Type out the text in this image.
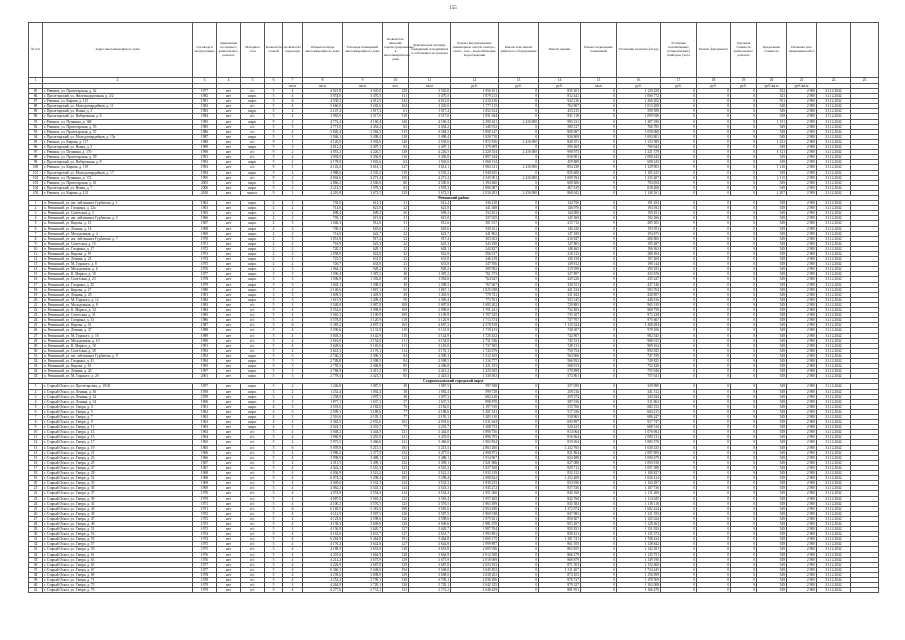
155
№ п/п	Адрес многоквартирного дома	Год ввода в эксплуатацию	Завершение последнего капитального ремонта	Материал стен	Количество этажей	Количество подъездов	Общая площадь многоквартирного дома	Площадь помещений многоквартирного дома	Количество жителей, зарегистрированных в многоквартирном доме	Фактическая площадь помещений, находящихся в собственности граждан	Ремонт внутридомовых инженерных систем электро-, тепло-, газо-, водоснабжения, водоотведения	Ремонт или замена лифтового оборудования	Ремонт крыши	Ремонт подвальных помещений	Утепление и ремонт фасада	Установка коллективных (общедомовых) приборов учета	Ремонт фундамента	Удельная стоимость капитального ремонта	Предельная стоимость	Плановая дата завершения работ		
1	2	3	4	5	6	7	8	9	10	11	12	13	14	15	16	17	18	19	20	21	22	23
						кв.м	кв.м	кв.м	чел.	кв.м	руб.	руб.	руб.	кв.м	руб.	руб.	руб.	руб.	руб./кв.м	руб./кв.м		
85	г. Ревинск, ул. Пролетарская, д. 52	1977	нет	п/с	5	4	4 021,8	3 545,0	120	3 545,0	1 956 451	0	835 201	0	1 120 250	0	0	0	552	2 900	31.12.2042	
86	г. Пролетарский, ул. Железнодорожная, д. 4/2	1982	нет	кирп.	5	4	3 874,0	3 470,5	111	3 470,5	1 879 213	0	812 441	0	1 066 772	0	0	0	541	2 900	31.12.2042	
87	г. Ревинск, ул. Кирова, д. 115	1981	нет	кирп.	5	6	4 530,2	4 012,0	142	4 012,0	2 210 418	0	944 216	0	1 266 202	0	0	0	551	2 900	31.12.2042	
88	г. Пролетарский, ул. Молодогвардейцев, д. 11	1982	нет	п/с	5	4	3 660,0	3 245,6	104	3 245,6	1 777 115	0	763 907	0	1 013 208	0	0	0	548	2 900	31.12.2042	
89	г. Пролетарский, ул. Новая, д. 3	1983	нет	кирп.	5	2	2 147,4	1 917,4	61	1 917,4	1 052 614	0	453 215	0	599 399	0	0	0	549	2 900	31.12.2042	
90	г. Пролетарский, ул. Набережная, д. 6	1984	нет	п/с	5	4	3 965,0	3 517,0	118	3 517,0	1 931 044	0	831 118	0	1 099 926	0	0	0	549	2 900	31.12.2042	
91	г. Ревинск, ул. Пушкина, д. 168	1985	нет	кирп.	9	2	4 774,4	4 160,4	146	4 160,4	2 290 421	2 416 000	983 231	0	1 307 190	0	0	0	1 131	2 900	31.12.2042	
92	г. Ревинск, ул. Пролетарская, д. 55	1985	нет	п/с	5	3	2 771,0	2 454,2	82	2 454,2	1 346 912	0	580 127	0	766 785	0	0	0	549	2 900	31.12.2042	
93	г. Ревинск, ул. Пролетарская, д. 57	1986	нет	п/с	5	4	3 820,4	3 384,5	115	3 384,5	1 858 147	0	800 087	0	1 058 060	0	0	0	549	2 900	31.12.2042	
94	г. Пролетарский, ул. Молодогвардейцев, д. 15а	1987	нет	кирп.	5	4	3 946,1	3 498,4	118	3 498,4	1 920 710	0	826 909	0	1 093 801	0	0	0	549	2 900	31.12.2042	
95	г. Ревинск, ул. Кирова, д. 117	1988	нет	п/с	9	1	4 120,0	3 593,6	126	3 593,6	1 972 936	2 416 000	849 351	0	1 123 585	0	0	0	1 221	2 900	31.12.2042	
96	г. Пролетарский, ул. Новая, д. 5	1989	нет	кирп.	5	3	2 812,4	2 497,1	84	2 497,1	1 370 909	0	590 265	0	780 644	0	0	0	549	2 900	31.12.2042	
97	г. Ревинск, ул. Пушкина, д. 170	1990	нет	п/с	9	2	4 851,2	4 226,5	148	4 226,5	2 320 354	2 416 000	998 975	0	1 321 379	0	0	0	1 121	2 900	31.12.2042	
98	г. Ревинск, ул. Пролетарская, д. 59	1991	нет	п/с	5	4	3 902,0	3 456,0	116	3 456,0	1 897 344	0	816 901	0	1 080 443	0	0	0	549	2 900	31.12.2042	
99	г. Пролетарский, ул. Набережная, д. 8	1992	нет	кирп.	5	2	2 178,8	1 945,6	62	1 945,6	1 068 134	0	459 889	0	608 245	0	0	0	549	2 900	31.12.2042	
100	г. Ревинск, ул. Кирова, д. 119	1993	нет	п/с	9	1	4 143,4	3 614,1	127	3 614,1	1 984 141	2 416 000	854 238	0	1 129 903	0	0	0	1 218	2 900	31.12.2042	
101	г. Пролетарский, ул. Молодогвардейцев, д. 17	1994	нет	кирп.	5	4	3 988,6	3 535,2	119	3 535,2	1 940 825	0	835 600	0	1 105 225	0	0	0	549	2 900	31.12.2042	
102	г. Ревинск, ул. Пушкина, д. 172	1995	нет	п/с	9	2	4 902,6	4 271,4	150	4 271,4	2 345 001	2 416 000	1 009 594	0	1 335 407	0	0	0	1 115	2 900	31.12.2042	
103	г. Ревинск, ул. Пролетарская, д. 61	2003	нет	кирп.	5	3	2 860,2	2 540,0	86	2 540,0	1 394 460	0	600 406	0	794 054	0	0	0	549	2 900	31.12.2042	
104	г. Пролетарский, ул. Новая, д. 7	2006	нет	кирп.	5	2	2 214,5	1 978,3	63	1 978,3	1 086 087	0	467 619	0	618 468	0	0	0	549	2 900	31.12.2042	
105	г. Ревинск, ул. Кирова, д. 121	2010	нет	монол.	9	1	4 210,8	3 672,5	129	3 672,5	2 016 203	2 416 000	868 042	0	1 148 161	0	0	0	1 207	2 900	31.12.2042	
Ревинский район																						
1	п. Ревинский, ул. им. лейтенанта Гурбатова, д. 1	1962	нет	кирп.	2	2	702,0	612,4	21	612,4	336 210	0	144 756	0	191 454	0	0	0	549	2 900	31.12.2042	
2	п. Ревинский, ул. Гагарина, д. 12а	1963	нет	кирп.	2	2	712,6	621,8	22	621,8	341 368	0	146 976	0	194 392	0	0	0	549	2 900	31.12.2042	
3	п. Ревинский, ул. Советская, д. 3	1965	нет	кирп.	2	2	698,4	609,2	20	609,2	334 451	0	144 000	0	190 451	0	0	0	549	2 900	31.12.2042	
4	п. Ревинский, ул. им. лейтенанта Гурбатова, д. 5	1966	нет	кирп.	2	2	705,1	615,0	21	615,0	337 635	0	145 369	0	192 266	0	0	0	549	2 900	31.12.2042	
5	п. Ревинский, ул. Кирова, д. 13	1967	нет	кирп.	2	3	1 046,3	912,6	31	912,6	501 017	0	215 712	0	285 305	0	0	0	549	2 900	31.12.2042	
6	п. Ревинский, ул. Ленина, д. 14	1968	нет	кирп.	2	2	709,3	618,6	21	618,6	339 611	0	146 220	0	193 391	0	0	0	549	2 900	31.12.2042	
7	п. Ревинский, ул. Молодежная, д. 4	1969	нет	кирп.	2	2	714,0	622,7	22	622,7	341 862	0	147 189	0	194 673	0	0	0	549	2 900	31.12.2042	
8	п. Ревинский, ул. им. лейтенанта Гурбатова, д. 7	1970	нет	кирп.	2	3	1 051,8	917,4	32	917,4	503 653	0	216 847	0	286 806	0	0	0	549	2 900	31.12.2042	
9	п. Ревинский, ул. Советская, д. 15	1971	нет	кирп.	2	2	716,9	625,3	22	625,3	343 290	0	147 803	0	195 487	0	0	0	549	2 900	31.12.2042	
10	п. Ревинский, ул. Гагарина, д. 17	1972	нет	кирп.	2	2	720,2	628,1	22	628,1	344 827	0	148 465	0	196 362	0	0	0	549	2 900	31.12.2042	
11	п. Ревинский, ул. Кирова, д. 19	1973	нет	кирп.	2	3	1 058,0	922,8	32	922,8	506 617	0	218 123	0	288 494	0	0	0	549	2 900	31.12.2042	
12	п. Ревинский, ул. Ленина, д. 21	1974	нет	кирп.	2	2	723,5	631,0	22	631,0	346 419	0	149 150	0	197 269	0	0	0	549	2 900	31.12.2042	
13	п. Ревинский, ул. М. Горького, д. 8	1975	нет	кирп.	2	2	726,7	633,8	23	633,8	347 956	0	149 812	0	198 144	0	0	0	549	2 900	31.12.2042	
14	п. Ревинский, ул. Молодежная, д. 6	1976	нет	кирп.	2	3	1 064,2	928,2	33	928,2	509 582	0	219 399	0	290 183	0	0	0	549	2 900	31.12.2042	
15	п. Ревинский, ул. К. Маркса, д. 10	1977	нет	кирп.	3	3	1 590,4	1 387,2	48	1 387,2	761 573	0	327 897	0	433 676	0	0	0	549	2 900	31.12.2042	
16	п. Ревинский, ул. Советская, д. 23	1978	нет	кирп.	3	3	1 596,8	1 392,8	49	1 392,8	764 647	0	329 220	0	435 427	0	0	0	549	2 900	31.12.2042	
17	п. Ревинский, ул. Гагарина, д. 25	1979	нет	кирп.	3	3	1 603,1	1 398,3	49	1 398,3	767 667	0	330 521	0	437 146	0	0	0	549	2 900	31.12.2042	
18	п. Ревинский, ул. Кирова, д. 27	1980	нет	кирп.	3	4	2 140,6	1 867,1	65	1 867,1	1 025 038	0	441 334	0	583 704	0	0	0	549	2 900	31.12.2042	
19	п. Ревинский, ул. Ленина, д. 29	1981	нет	кирп.	3	3	1 609,5	1 403,9	49	1 403,9	770 741	0	331 844	0	438 897	0	0	0	549	2 900	31.12.2042	
20	п. Ревинский, ул. М. Горького, д. 12	1982	нет	кирп.	3	3	1 615,9	1 409,4	50	1 409,4	773 761	0	333 145	0	440 616	0	0	0	549	2 900	31.12.2042	
21	п. Ревинский, ул. Молодежная, д. 8	1983	нет	п/с	5	4	3 540,0	3 087,8	108	3 087,8	1 695 202	0	729 883	0	965 319	0	0	0	549	2 900	31.12.2042	
22	п. Ревинский, ул. К. Маркса, д. 14	1984	нет	п/с	5	4	3 552,6	3 098,8	109	3 098,8	1 701 241	0	732 483	0	968 758	0	0	0	549	2 900	31.12.2042	
23	п. Ревинский, ул. Советская, д. 31	1985	нет	п/с	5	4	3 565,3	3 109,9	109	3 109,9	1 707 335	0	735 107	0	972 228	0	0	0	549	2 900	31.12.2042	
24	п. Ревинский, ул. Гагарина, д. 33	1986	нет	п/с	5	4	3 578,0	3 120,9	110	3 120,9	1 713 374	0	737 707	0	975 667	0	0	0	549	2 900	31.12.2042	
25	п. Ревинский, ул. Кирова, д. 35	1987	нет	п/с	5	6	5 385,2	4 697,3	165	4 697,3	2 578 818	0	1 110 324	0	1 468 494	0	0	0	549	2 900	31.12.2042	
26	п. Ревинский, ул. Ленина, д. 37	1988	нет	п/с	5	4	3 590,6	3 131,9	110	3 131,9	1 719 413	0	740 307	0	979 106	0	0	0	549	2 900	31.12.2042	
27	п. Ревинский, ул. М. Горького, д. 16	1989	нет	п/с	5	4	3 603,3	3 142,9	110	3 142,9	1 725 452	0	742 907	0	982 545	0	0	0	549	2 900	31.12.2042	
28	п. Ревинский, ул. Молодежная, д. 10	1990	нет	п/с	5	4	3 616,0	3 154,0	111	3 154,0	1 731 546	0	745 531	0	986 015	0	0	0	549	2 900	31.12.2042	
29	п. Ревинский, ул. К. Маркса, д. 18	1991	нет	п/с	5	4	3 628,6	3 165,0	111	3 165,0	1 737 585	0	748 131	0	989 454	0	0	0	549	2 900	31.12.2042	
30	п. Ревинский, ул. Советская, д. 39	1992	нет	п/с	5	4	3 641,3	3 176,1	112	3 176,1	1 743 679	0	750 754	0	992 925	0	0	0	549	2 900	31.12.2042	
31	п. Ревинский, ул. им. лейтенанта Гурбатова, д. 9	1993	нет	кирп.	5	3	2 740,2	2 390,1	84	2 390,1	1 312 165	0	564 966	0	747 199	0	0	0	549	2 900	31.12.2042	
32	п. Ревинский, ул. Гагарина, д. 41	1994	нет	кирп.	5	3	2 749,8	2 398,5	84	2 398,5	1 316 777	0	566 952	0	749 825	0	0	0	549	2 900	31.12.2042	
33	п. Ревинский, ул. Кирова, д. 43	1995	нет	кирп.	5	3	2 759,3	2 406,8	85	2 406,8	1 321 333	0	568 913	0	752 420	0	0	0	549	2 900	31.12.2042	
34	п. Ревинский, ул. Ленина, д. 45	1997	нет	кирп.	5	3	2 768,9	2 415,2	85	2 415,2	1 325 945	0	570 899	0	755 046	0	0	0	549	2 900	31.12.2042	
35	п. Ревинский, ул. М. Горького, д. 20	2001	нет	кирп.	5	3	2 778,4	2 423,5	85	2 423,5	1 330 502	0	572 861	0	757 641	0	0	0	549	2 900	31.12.2042	
Старооскольский городской округ																						
1	г. Старый Оскол, ул. Пролетарская, д. 19/45	1957	нет	кирп.	3	2	1 246,8	1 087,5	38	1 087,5	597 038	0	257 058	0	339 980	0	0	0	549	2 900	31.12.2042	
2	г. Старый Оскол, ул. Ленина, д. 30	1958	нет	кирп.	3	2	1 252,4	1 092,4	38	1 092,4	599 728	0	258 216	0	341 512	0	0	0	549	2 900	31.12.2042	
3	г. Старый Оскол, ул. Ленина, д. 32	1959	нет	кирп.	3	2	1 258,0	1 097,3	38	1 097,3	602 418	0	259 374	0	343 044	0	0	0	549	2 900	31.12.2042	
4	г. Старый Оскол, ул. Ленина, д. 34	1960	нет	кирп.	3	3	1 877,1	1 637,3	57	1 637,3	898 878	0	387 016	0	511 862	0	0	0	549	2 900	31.12.2042	
5	г. Старый Оскол, ул. Гаюра, д. 3	1961	нет	кирп.	4	3	2 501,6	2 182,0	76	2 182,0	1 197 918	0	515 766	0	682 152	0	0	0	549	2 900	31.12.2042	
6	г. Старый Оскол, ул. Гаюра, д. 5	1962	нет	кирп.	4	3	2 509,1	2 188,6	77	2 188,6	1 201 541	0	517 326	0	684 215	0	0	0	549	2 900	31.12.2042	
7	г. Старый Оскол, ул. Гаюра, д. 7	1962	нет	кирп.	4	3	2 516,6	2 195,1	77	2 195,1	1 205 110	0	518 863	0	686 247	0	0	0	549	2 900	31.12.2042	
8	г. Старый Оскол, ул. Гаюра, д. 9	1963	нет	кирп.	4	4	3 365,5	2 935,6	103	2 935,6	1 611 644	0	693 897	0	917 747	0	0	0	549	2 900	31.12.2042	
9	г. Старый Оскол, ул. Гаюра, д. 11	1963	нет	кирп.	4	3	2 524,1	2 201,7	77	2 201,7	1 208 733	0	520 423	0	688 310	0	0	0	549	2 900	31.12.2042	
10	г. Старый Оскол, ул. Гаюра, д. 13	1964	нет	п/с	5	4	3 948,2	3 444,0	121	3 444,0	1 890 756	0	814 064	0	1 076 692	0	0	0	549	2 900	31.12.2042	
11	г. Старый Оскол, ул. Гаюра, д. 15	1964	нет	п/с	5	4	3 960,9	3 455,0	121	3 455,0	1 896 795	0	816 664	0	1 080 131	0	0	0	549	2 900	31.12.2042	
12	г. Старый Оскол, ул. Гаюра, д. 17	1965	нет	п/с	5	4	3 973,5	3 466,0	121	3 466,0	1 902 834	0	819 264	0	1 083 570	0	0	0	549	2 900	31.12.2042	
13	г. Старый Оскол, ул. Гаюра, д. 19	1965	нет	п/с	5	6	5 978,8	5 215,3	183	5 215,3	2 863 200	0	1 232 765	0	1 630 435	0	0	0	549	2 900	31.12.2042	
14	г. Старый Оскол, ул. Гаюра, д. 21	1966	нет	п/с	5	4	3 986,2	3 477,0	122	3 477,0	1 908 873	0	821 864	0	1 087 009	0	0	0	549	2 900	31.12.2042	
15	г. Старый Оскол, ул. Гаюра, д. 23	1966	нет	п/с	5	4	3 998,9	3 488,1	122	3 488,1	1 914 967	0	824 488	0	1 090 479	0	0	0	549	2 900	31.12.2042	
16	г. Старый Оскол, ул. Гаюра, д. 25	1967	нет	п/с	5	4	4 011,5	3 499,1	122	3 499,1	1 921 006	0	827 088	0	1 093 918	0	0	0	549	2 900	31.12.2042	
17	г. Старый Оскол, ул. Гаюра, д. 27	1967	нет	п/с	5	4	4 024,2	3 510,2	123	3 510,2	1 927 100	0	829 712	0	1 097 388	0	0	0	549	2 900	31.12.2042	
18	г. Старый Оскол, ул. Гаюра, д. 29	1968	нет	п/с	5	4	4 036,9	3 521,2	123	3 521,2	1 933 139	0	832 312	0	1 100 827	0	0	0	549	2 900	31.12.2042	
19	г. Старый Оскол, ул. Гаюра, д. 31	1968	нет	п/с	5	6	6 074,2	5 298,4	185	5 298,4	2 908 822	0	1 252 408	0	1 656 414	0	0	0	549	2 900	31.12.2042	
20	г. Старый Оскол, ул. Гаюра, д. 33	1969	нет	п/с	5	4	4 049,6	3 532,3	124	3 532,3	1 939 233	0	834 936	0	1 104 297	0	0	0	549	2 900	31.12.2042	
21	г. Старый Оскол, ул. Гаюра, д. 35	1969	нет	п/с	5	4	4 062,2	3 543,3	124	3 543,3	1 945 272	0	837 536	0	1 107 736	0	0	0	549	2 900	31.12.2042	
22	г. Старый Оскол, ул. Гаюра, д. 37	1970	нет	п/с	5	4	4 074,9	3 554,4	124	3 554,4	1 951 366	0	840 160	0	1 111 206	0	0	0	549	2 900	31.12.2042	
23	г. Старый Оскол, ул. Гаюра, д. 39	1970	нет	п/с	5	4	4 087,6	3 565,4	125	3 565,4	1 957 405	0	842 760	0	1 114 645	0	0	0	549	2 900	31.12.2042	
24	г. Старый Оскол, ул. Гаюра, д. 41	1971	нет	п/с	5	4	4 100,2	3 576,5	125	3 576,5	1 963 499	0	845 383	0	1 118 116	0	0	0	549	2 900	31.12.2042	
25	г. Старый Оскол, ул. Гаюра, д. 43	1971	нет	п/с	5	6	6 169,5	5 381,6	188	5 381,6	2 954 498	0	1 272 074	0	1 682 424	0	0	0	549	2 900	31.12.2042	
26	г. Старый Оскол, ул. Гаюра, д. 45	1972	нет	п/с	5	4	4 112,9	3 587,5	126	3 587,5	1 969 538	0	847 983	0	1 121 555	0	0	0	549	2 900	31.12.2042	
27	г. Старый Оскол, ул. Гаюра, д. 47	1972	нет	п/с	5	4	4 125,6	3 598,6	126	3 598,6	1 975 631	0	850 607	0	1 125 024	0	0	0	549	2 900	31.12.2042	
28	г. Старый Оскол, ул. Гаюра, д. 49	1973	нет	п/с	5	4	4 138,2	3 609,6	126	3 609,6	1 981 670	0	853 207	0	1 128 463	0	0	0	549	2 900	31.12.2042	
29	г. Старый Оскол, ул. Гаюра, д. 51	1973	нет	п/с	5	4	4 150,9	3 620,7	127	3 620,7	1 987 764	0	855 831	0	1 131 933	0	0	0	549	2 900	31.12.2042	
30	г. Старый Оскол, ул. Гаюра, д. 53	1974	нет	п/с	5	4	4 163,6	3 631,7	127	3 631,7	1 993 803	0	858 431	0	1 135 372	0	0	0	549	2 900	31.12.2042	
31	г. Старый Оскол, ул. Гаюра, д. 55	1974	нет	п/с	5	6	6 264,9	5 464,8	191	5 464,8	3 000 175	0	1 291 741	0	1 708 434	0	0	0	549	2 900	31.12.2042	
32	г. Старый Оскол, ул. Гаюра, д. 57	1975	нет	п/с	5	4	4 176,2	3 642,8	127	3 642,8	1 999 897	0	861 055	0	1 138 842	0	0	0	549	2 900	31.12.2042	
33	г. Старый Оскол, ул. Гаюра, д. 59	1975	нет	п/с	5	4	4 188,9	3 653,8	128	3 653,8	2 005 936	0	863 655	0	1 142 281	0	0	0	549	2 900	31.12.2042	
34	г. Старый Оскол, ул. Гаюра, д. 61	1976	нет	п/с	5	4	4 201,6	3 664,9	128	3 664,9	2 012 030	0	866 279	0	1 145 751	0	0	0	549	2 900	31.12.2042	
35	г. Старый Оскол, ул. Гаюра, д. 63	1976	нет	п/с	5	4	4 214,2	3 675,9	129	3 675,9	2 018 069	0	868 879	0	1 149 190	0	0	0	549	2 900	31.12.2042	
36	г. Старый Оскол, ул. Гаюра, д. 65	1977	нет	п/с	5	4	4 226,9	3 687,0	129	3 687,0	2 024 163	0	871 503	0	1 152 660	0	0	0	549	2 900	31.12.2042	
37	г. Старый Оскол, ул. Гаюра, д. 67	1977	нет	п/с	5	6	6 360,3	5 548,0	194	5 548,0	3 045 852	0	1 311 407	0	1 734 445	0	0	0	549	2 900	31.12.2042	
38	г. Старый Оскол, ул. Гаюра, д. 69	1978	нет	п/с	5	4	4 239,6	3 698,0	129	3 698,0	2 030 202	0	874 103	0	1 156 099	0	0	0	549	2 900	31.12.2042	
39	г. Старый Оскол, ул. Гаюра, д. 71	1978	нет	п/с	5	4	4 252,2	3 709,1	130	3 709,1	2 036 296	0	876 727	0	1 159 569	0	0	0	549	2 900	31.12.2042	
40	г. Старый Оскол, ул. Гаюра, д. 73	1979	нет	п/с	5	4	4 264,9	3 720,1	130	3 720,1	2 042 335	0	879 327	0	1 163 008	0	0	0	549	2 900	31.12.2042	
41	г. Старый Оскол, ул. Гаюра, д. 75	1979	нет	п/с	5	4	4 277,6	3 731,2	131	3 731,2	2 048 429	0	881 951	0	1 166 478	0	0	0	549	2 900	31.12.2042	
